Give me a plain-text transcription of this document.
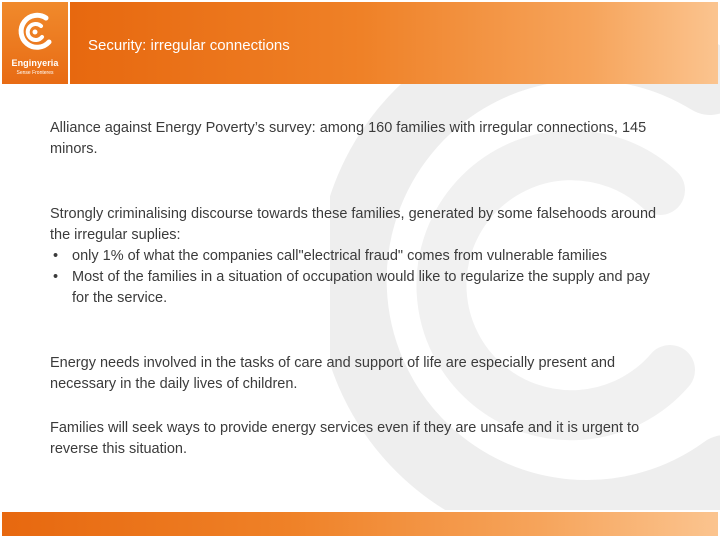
Enginyeria
Sense Fronteres
Security: irregular connections

Alliance against Energy Poverty’s survey: among 160 families with irregular connections, 145 minors.

Strongly criminalising discourse towards these families, generated by some falsehoods around the irregular suplies:

• only 1% of what the companies call"electrical fraud" comes from vulnerable families
• Most of the families in a situation of occupation would like to regularize the supply and pay for the service.

Energy needs involved in the tasks of care and support of life are especially present and necessary in the daily lives of children.

Families will seek ways to provide energy services even if they are unsafe and it is urgent to reverse this situation.
